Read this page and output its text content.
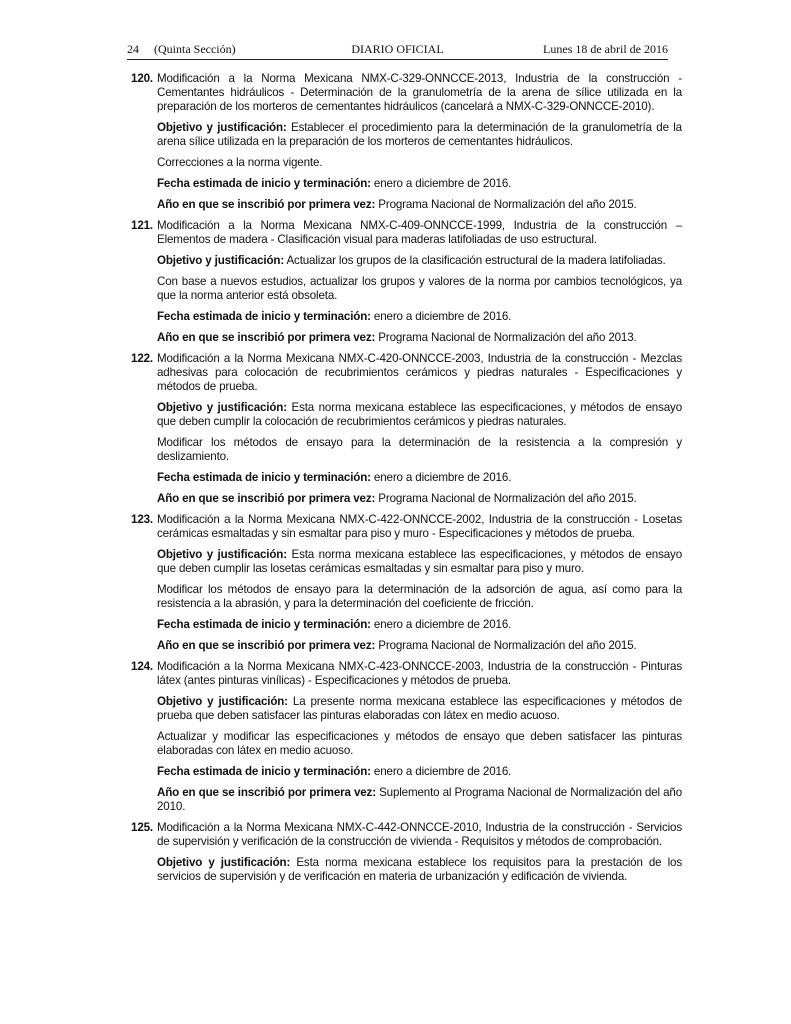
24 (Quinta Sección)	DIARIO OFICIAL	Lunes 18 de abril de 2016
120. Modificación a la Norma Mexicana NMX-C-329-ONNCCE-2013, Industria de la construcción - Cementantes hidráulicos - Determinación de la granulometría de la arena de sílice utilizada en la preparación de los morteros de cementantes hidráulicos (cancelará a NMX-C-329-ONNCCE-2010).

Objetivo y justificación: Establecer el procedimiento para la determinación de la granulometría de la arena sílice utilizada en la preparación de los morteros de cementantes hidráulicos.

Correcciones a la norma vigente.

Fecha estimada de inicio y terminación: enero a diciembre de 2016.

Año en que se inscribió por primera vez: Programa Nacional de Normalización del año 2015.

121. Modificación a la Norma Mexicana NMX-C-409-ONNCCE-1999, Industria de la construcción – Elementos de madera - Clasificación visual para maderas latifoliadas de uso estructural.

Objetivo y justificación: Actualizar los grupos de la clasificación estructural de la madera latifoliadas.

Con base a nuevos estudios, actualizar los grupos y valores de la norma por cambios tecnológicos, ya que la norma anterior está obsoleta.

Fecha estimada de inicio y terminación: enero a diciembre de 2016.

Año en que se inscribió por primera vez: Programa Nacional de Normalización del año 2013.

122. Modificación a la Norma Mexicana NMX-C-420-ONNCCE-2003, Industria de la construcción - Mezclas adhesivas para colocación de recubrimientos cerámicos y piedras naturales - Especificaciones y métodos de prueba.

Objetivo y justificación: Esta norma mexicana establece las especificaciones, y métodos de ensayo que deben cumplir la colocación de recubrimientos cerámicos y piedras naturales.

Modificar los métodos de ensayo para la determinación de la resistencia a la compresión y deslizamiento.

Fecha estimada de inicio y terminación: enero a diciembre de 2016.

Año en que se inscribió por primera vez: Programa Nacional de Normalización del año 2015.

123. Modificación a la Norma Mexicana NMX-C-422-ONNCCE-2002, Industria de la construcción - Losetas cerámicas esmaltadas y sin esmaltar para piso y muro - Especificaciones y métodos de prueba.

Objetivo y justificación: Esta norma mexicana establece las especificaciones, y métodos de ensayo que deben cumplir las losetas cerámicas esmaltadas y sin esmaltar para piso y muro.

Modificar los métodos de ensayo para la determinación de la adsorción de agua, así como para la resistencia a la abrasión, y para la determinación del coeficiente de fricción.

Fecha estimada de inicio y terminación: enero a diciembre de 2016.

Año en que se inscribió por primera vez: Programa Nacional de Normalización del año 2015.

124. Modificación a la Norma Mexicana NMX-C-423-ONNCCE-2003, Industria de la construcción - Pinturas látex (antes pinturas vinílicas) - Especificaciones y métodos de prueba.

Objetivo y justificación: La presente norma mexicana establece las especificaciones y métodos de prueba que deben satisfacer las pinturas elaboradas con látex en medio acuoso.

Actualizar y modificar las especificaciones y métodos de ensayo que deben satisfacer las pinturas elaboradas con látex en medio acuoso.

Fecha estimada de inicio y terminación: enero a diciembre de 2016.

Año en que se inscribió por primera vez: Suplemento al Programa Nacional de Normalización del año 2010.

125. Modificación a la Norma Mexicana NMX-C-442-ONNCCE-2010, Industria de la construcción - Servicios de supervisión y verificación de la construcción de vivienda - Requisitos y métodos de comprobación.

Objetivo y justificación: Esta norma mexicana establece los requisitos para la prestación de los servicios de supervisión y de verificación en materia de urbanización y edificación de vivienda.
